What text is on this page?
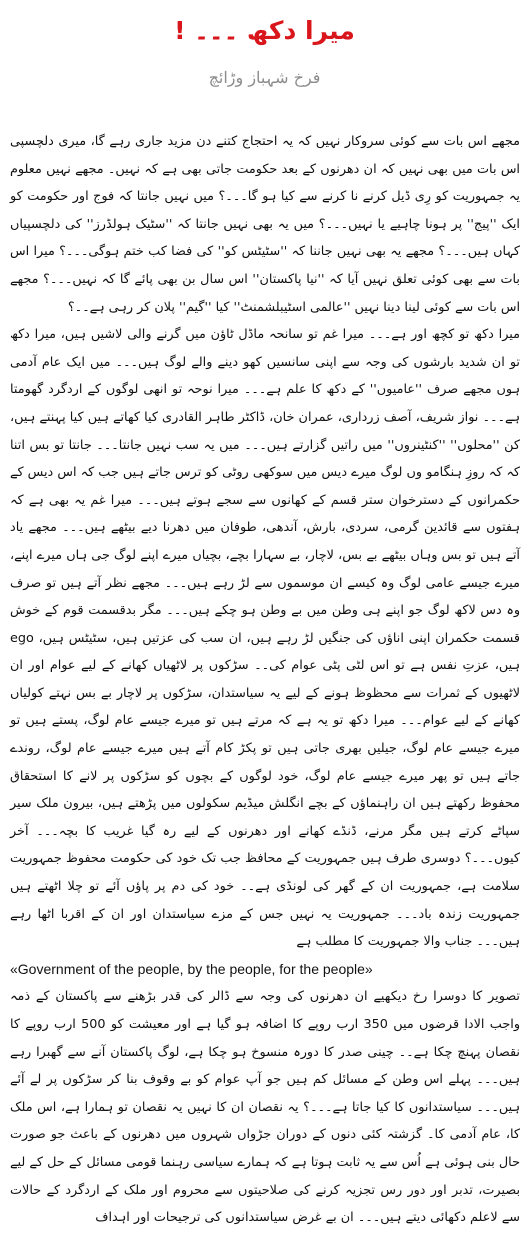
میرا دکھ ۔۔۔ !
فرخ شہباز وڑائچ

مجھے اس بات سے کوئی سروکار نہیں کہ یہ احتجاج کتنے دن مزید جاری رہے گا، میری دلچسپی اس بات میں بھی نہیں کہ ان دھرنوں کے بعد حکومت جاتی بھی ہے کہ نہیں۔ مجھے نہیں معلوم یہ جمہوریت کو رِی ڈیل کرنے نا کرنے سے کیا ہو گا۔۔۔؟ میں نہیں جانتا کہ فوج اور حکومت کو ایک ''پیج'' پر ہونا چاہیے یا نہیں۔۔۔؟ میں یہ بھی نہیں جانتا کہ ''سٹیک ہولڈرز'' کی دلچسپیاں کہاں ہیں۔۔۔؟ مجھے یہ بھی نہیں جاننا کہ ''سٹیٹس کو'' کی فضا کب ختم ہوگی۔۔۔؟ میرا اس بات سے بھی کوئی تعلق نہیں آیا کہ ''نیا پاکستان'' اس سال بن بھی پائے گا کہ نہیں۔۔۔؟ مجھے اس بات سے کوئی لینا دینا نہیں ''عالمی اسٹیبلشمنٹ'' کیا ''گیم'' پلان کر رہی ہے۔۔؟

میرا دکھ تو کچھ اور ہے۔۔۔ میرا غم تو سانحہ ماڈل ٹاؤن میں گرنے والی لاشیں ہیں، میرا دکھ تو ان شدید بارشوں کی وجہ سے اپنی سانسیں کھو دینے والے لوگ ہیں۔۔۔ میں ایک عام آدمی ہوں مجھے صرف ''عامیوں'' کے دکھ کا علم ہے۔۔۔ میرا نوحہ تو انھی لوگوں کے اردگرد گھومتا ہے۔۔۔ نواز شریف، آصف زرداری، عمران خان، ڈاکٹر طاہر القادری کیا کھاتے ہیں کیا پہنتے ہیں، کن ''محلوں'' ''کنٹینروں'' میں راتیں گزارتے ہیں۔۔۔ میں یہ سب نہیں جانتا۔۔۔ جانتا تو بس اتنا کہ کہ روزِ ہنگامو وں لوگ میرے دیس میں سوکھی روٹی کو ترس جاتے ہیں جب کہ اس دیس کے حکمرانوں کے دسترخوان ستر قسم کے کھانوں سے سجے ہوتے ہیں۔۔۔ میرا غم یہ بھی ہے کہ ہفتوں سے قائدین گرمی، سردی، بارش، آندھی، طوفان میں دھرنا دیے بیٹھے ہیں۔۔۔ مجھے یاد آتے ہیں تو بس وہاں بیٹھے بے بس، لاچار، بے سہارا بچے، بچیاں میرے اپنے لوگ جی ہاں میرے اپنے، میرے جیسے عامی لوگ وہ کیسے ان موسموں سے لڑ رہے ہیں۔۔۔ مجھے نظر آتے ہیں تو صرف وہ دس لاکھ لوگ جو اپنے ہی وطن میں بے وطن ہو چکے ہیں۔۔۔ مگر بدقسمت قوم کے خوش قسمت حکمران اپنی اناؤں کی جنگیں لڑ رہے ہیں، ان سب کی عزتیں ہیں، سٹیٹس ہیں، ego ہیں، عزتِ نفس ہے تو اس لٹی پٹی عوام کی۔۔ سڑکوں پر لاٹھیاں کھانے کے لیے عوام اور ان لاٹھیوں کے ثمرات سے محظوظ ہونے کے لیے یہ سیاستدان، سڑکوں پر لاچار بے بس نہتے کولیاں کھانے کے لیے عوام۔۔۔ میرا دکھ تو یہ ہے کہ مرتے ہیں تو میرے جیسے عام لوگ، پستے ہیں تو میرے جیسے عام لوگ، جیلیں بھری جاتی ہیں تو پکڑ کام آتے ہیں میرے جیسے عام لوگ، روندے جاتے ہیں تو پھر میرے جیسے عام لوگ، خود لوگوں کے بچوں کو سڑکوں پر لانے کا استحقاق محفوظ رکھتے ہیں ان راہنماؤں کے بچے انگلش میڈیم سکولوں میں پڑھتے ہیں، بیرون ملک سیر سپاٹے کرتے ہیں مگر مرنے، ڈنڈے کھانے اور دھرنوں کے لیے رہ گیا غریب کا بچہ۔۔۔ آخر کیوں۔۔۔؟ دوسری طرف ہیں جمہوریت کے محافظ جب تک خود کی حکومت محفوظ جمہوریت سلامت ہے، جمہوریت ان کے گھر کی لونڈی ہے۔۔ خود کی دم پر پاؤں آئے تو چلا اٹھتے ہیں جمہوریت زندہ باد۔۔۔ جمہوریت یہ نہیں جس کے مزے سیاستدان اور ان کے اقربا اٹھا رہے ہیں۔۔۔ جناب والا جمہوریت کا مطلب ہے

«Government of the people, by the people, for the people»

تصویر کا دوسرا رخ دیکھیے ان دھرنوں کی وجہ سے ڈالر کی قدر بڑھنے سے پاکستان کے ذمہ واجب الادا قرضوں میں 350 ارب روپے کا اضافہ ہو گیا ہے اور معیشت کو 500 ارب روپے کا نقصان پہنچ چکا ہے۔۔ چینی صدر کا دورہ منسوخ ہو چکا ہے، لوگ پاکستان آنے سے گھبرا رہے ہیں۔۔۔ پہلے اس وطن کے مسائل کم ہیں جو آپ عوام کو بے وقوف بنا کر سڑکوں پر لے آئے ہیں۔۔۔ سیاستدانوں کا کیا جاتا ہے۔۔۔؟ یہ نقصان ان کا نہیں یہ نقصان تو ہمارا ہے، اس ملک کا، عام آدمی کا۔ گزشتہ کئی دنوں کے دوران جڑواں شہروں میں دھرنوں کے باعث جو صورت حال بنی ہوئی ہے اُس سے یہ ثابت ہوتا ہے کہ ہمارے سیاسی رہنما قومی مسائل کے حل کے لیے بصیرت، تدبر اور دور رس تجزیہ کرنے کی صلاحیتوں سے محروم اور ملک کے اردگرد کے حالات سے لاعلم دکھائی دیتے ہیں۔۔۔ ان بے غرض سیاستدانوں کی ترجیحات اور اہداف
